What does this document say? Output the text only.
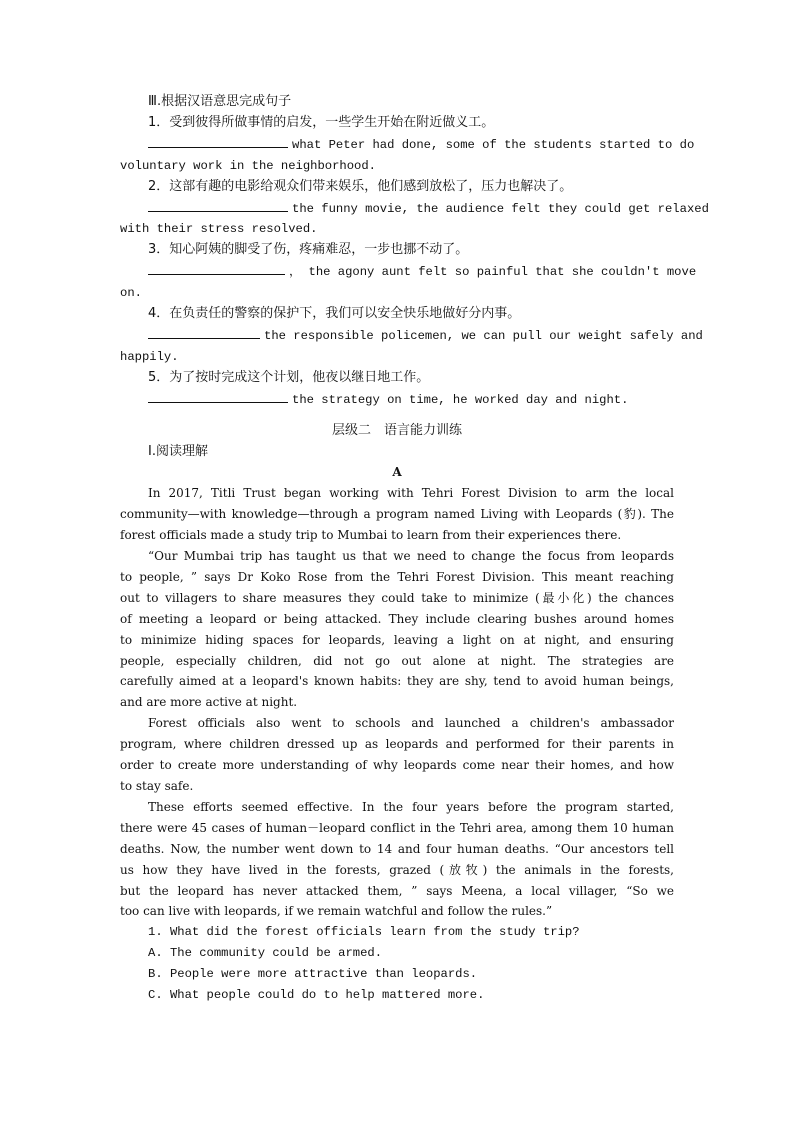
Ⅲ.根据汉语意思完成句子
1．受到彼得所做事情的启发，一些学生开始在附近做义工。
what Peter had done, some of the students started to do
voluntary work in the neighborhood.
2．这部有趣的电影给观众们带来娱乐，他们感到放松了，压力也解决了。
the funny movie, the audience felt they could get relaxed
with their stress resolved.
3．知心阿姨的脚受了伤，疼痛难忍，一步也挪不动了。
， the agony aunt felt so painful that she couldn't move
on.
4．在负责任的警察的保护下，我们可以安全快乐地做好分内事。
the responsible policemen, we can pull our weight safely and
happily.
5．为了按时完成这个计划，他夜以继日地工作。
the strategy on time, he worked day and night.
层级二　语言能力训练
Ⅰ.阅读理解
A
In 2017, Titli Trust began working with Tehri Forest Division to arm the local
community—with knowledge—through a program named Living with Leopards (豹). The
forest officials made a study trip to Mumbai to learn from their experiences there.
“Our Mumbai trip has taught us that we need to change the focus from leopards
to people, ” says Dr Koko Rose from the Tehri Forest Division. This meant reaching
out to villagers to share measures they could take to minimize (最小化) the chances
of meeting a leopard or being attacked. They include clearing bushes around homes
to minimize hiding spaces for leopards, leaving a light on at night, and ensuring
people, especially children, did not go out alone at night. The strategies are
carefully aimed at a leopard's known habits: they are shy, tend to avoid human beings,
and are more active at night.
Forest officials also went to schools and launched a children's ambassador
program, where children dressed up as leopards and performed for their parents in
order to create more understanding of why leopards come near their homes, and how
to stay safe.
These efforts seemed effective. In the four years before the program started,
there were 45 cases of human－leopard conflict in the Tehri area, among them 10 human
deaths. Now, the number went down to 14 and four human deaths. “Our ancestors tell
us how they have lived in the forests, grazed (放牧) the animals in the forests,
but the leopard has never attacked them, ” says Meena, a local villager, “So we
too can live with leopards, if we remain watchful and follow the rules.”
1. What did the forest officials learn from the study trip?
A. The community could be armed.
B. People were more attractive than leopards.
C. What people could do to help mattered more.
